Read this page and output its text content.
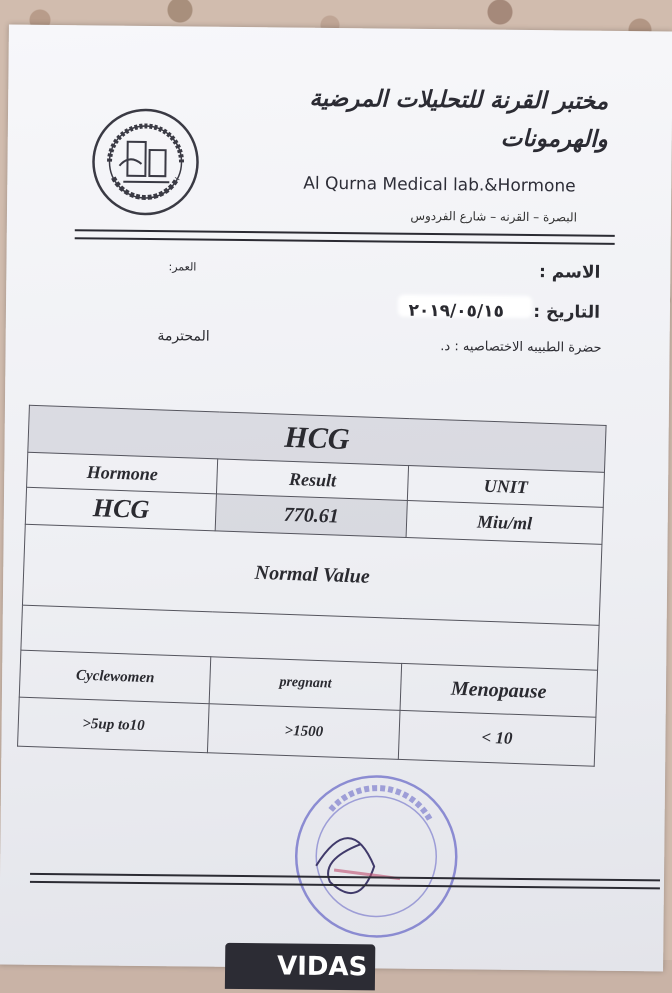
مختبر القرنة للتحليلات المرضية والهرمونات
Al Qurna Medical lab.&Hormone
البصرة – القرنه – شارع الفردوس
العمر:	الاسم :
التاريخ :
٢٠١٩/٠٥/١٥
حضرة الطبيبه الاختصاصيه : د.
المحترمة
HCG		
Hormone	Result	UNIT
HCG	770.61	Miu/ml
Normal Value		

Cyclewomen	pregnant	Menopause
>5up to10	>1500	< 10
VIDAS
